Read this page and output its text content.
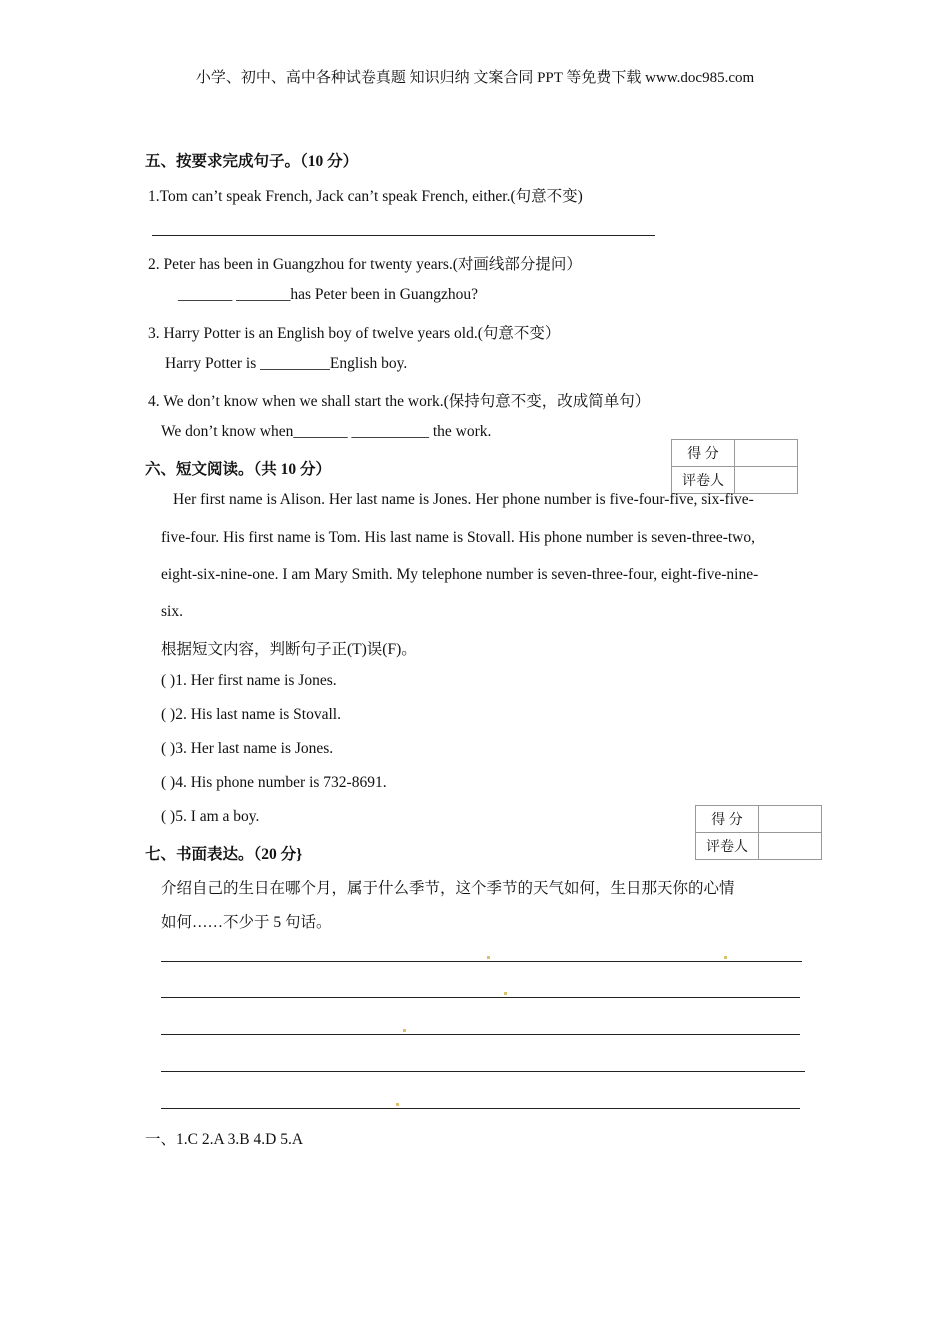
小学、初中、高中各种试卷真题 知识归纳 文案合同 PPT 等免费下载 www.doc985.com
五、按要求完成句子。（10 分）
1.Tom can’t speak French, Jack can’t speak French, either.(句意不变)
2. Peter has been in Guangzhou for twenty years.(对画线部分提问）
_______ _______has Peter been in Guangzhou?
3. Harry Potter is an English boy of twelve years old.(句意不变）
Harry Potter is _________English boy.
4. We don’t know when we shall start the work.(保持句意不变，改成简单句）
We don’t know when_______ __________ the work.
得 分	
评卷人	
六、短文阅读。（共 10 分）
Her first name is Alison. Her last name is Jones. Her phone number is five-four-five, six-five-
five-four. His first name is Tom. His last name is Stovall. His phone number is seven-three-two,
eight-six-nine-one. I am Mary Smith. My telephone number is seven-three-four, eight-five-nine-
six.
根据短文内容，判断句子正(T)误(F)。
( )1. Her first name is Jones.
( )2. His last name is Stovall.
( )3. Her last name is Jones.
( )4. His phone number is 732-8691.
( )5. I am a boy.	得 分	
评卷人	
七、书面表达。（20 分}
介绍自己的生日在哪个月，属于什么季节，这个季节的天气如何，生日那天你的心情
如何……不少于 5 句话。
一、1.C 2.A 3.B 4.D 5.A
